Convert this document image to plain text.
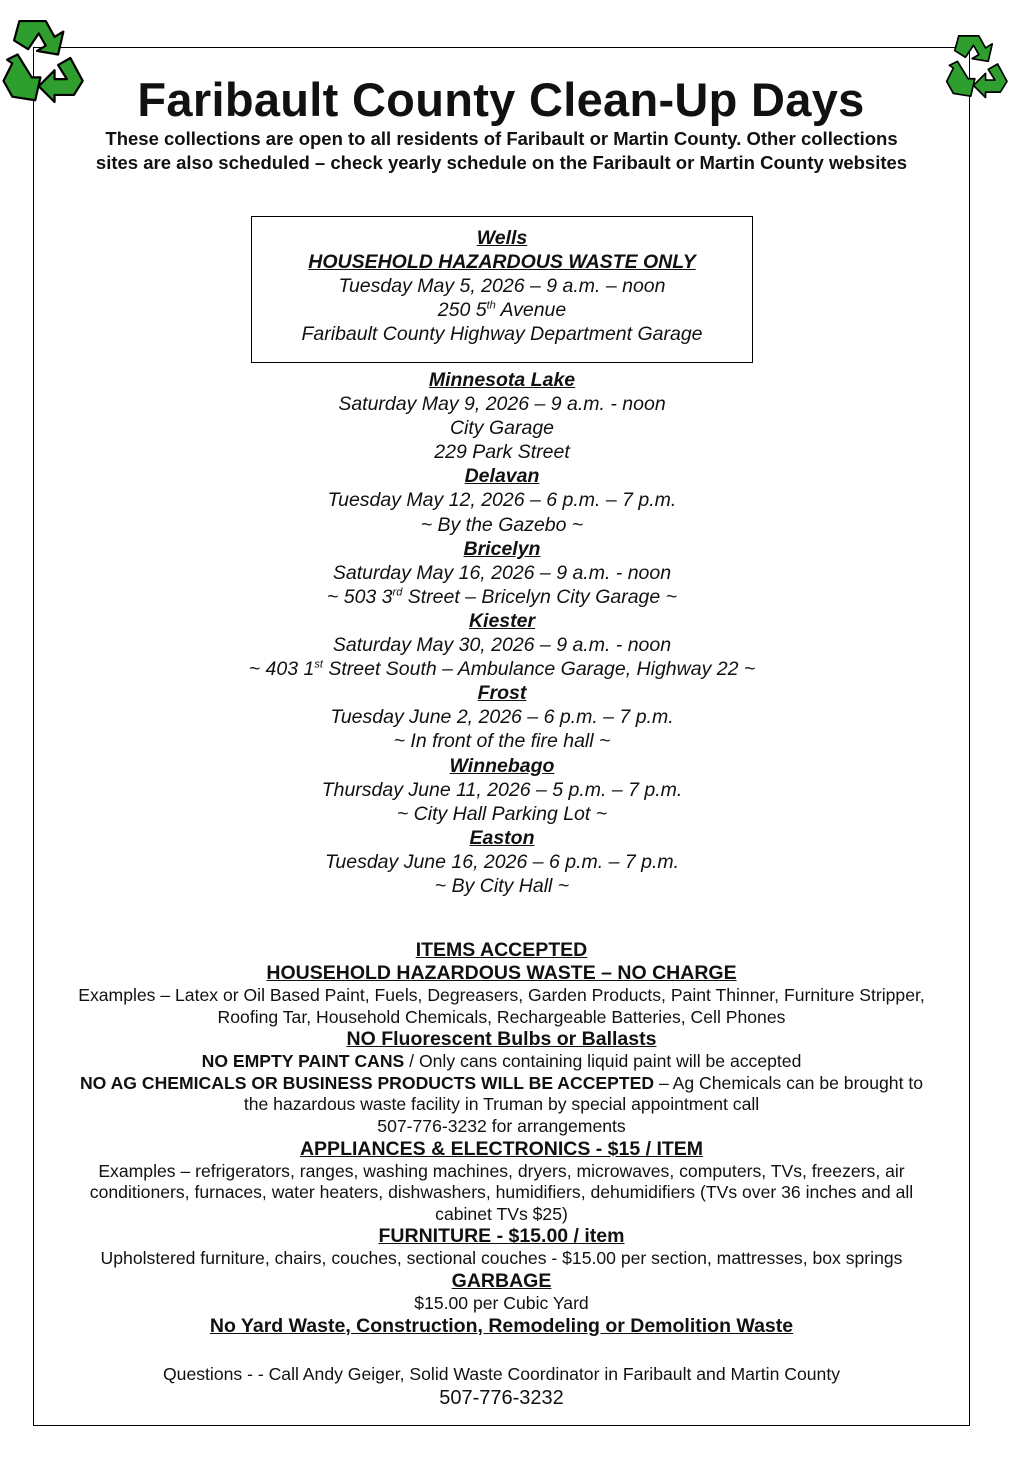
Faribault County Clean-Up Days
These collections are open to all residents of Faribault or Martin County. Other collections
sites are also scheduled – check yearly schedule on the Faribault or Martin County websites
Wells
HOUSEHOLD HAZARDOUS WASTE ONLY
Tuesday May 5, 2026 – 9 a.m. – noon
250 5th Avenue
Faribault County Highway Department Garage
Minnesota Lake
Saturday May 9, 2026 – 9 a.m. - noon
City Garage
229 Park Street
Delavan
Tuesday May 12, 2026 – 6 p.m. – 7 p.m.
~ By the Gazebo ~
Bricelyn
Saturday May 16, 2026 – 9 a.m. - noon
~ 503 3rd Street – Bricelyn City Garage ~
Kiester
Saturday May 30, 2026 – 9 a.m. - noon
~ 403 1st Street South – Ambulance Garage, Highway 22 ~
Frost
Tuesday June 2, 2026 – 6 p.m. – 7 p.m.
~ In front of the fire hall ~
Winnebago
Thursday June 11, 2026 – 5 p.m. – 7 p.m.
~ City Hall Parking Lot ~
Easton
Tuesday June 16, 2026 – 6 p.m. – 7 p.m.
~ By City Hall ~
ITEMS ACCEPTED
HOUSEHOLD HAZARDOUS WASTE – NO CHARGE
Examples – Latex or Oil Based Paint, Fuels, Degreasers, Garden Products, Paint Thinner, Furniture Stripper,
Roofing Tar, Household Chemicals, Rechargeable Batteries, Cell Phones
NO Fluorescent Bulbs or Ballasts
NO EMPTY PAINT CANS / Only cans containing liquid paint will be accepted
NO AG CHEMICALS OR BUSINESS PRODUCTS WILL BE ACCEPTED – Ag Chemicals can be brought to
the hazardous waste facility in Truman by special appointment call
507-776-3232 for arrangements
APPLIANCES & ELECTRONICS - $15 / ITEM
Examples – refrigerators, ranges, washing machines, dryers, microwaves, computers, TVs, freezers, air
conditioners, furnaces, water heaters, dishwashers, humidifiers, dehumidifiers (TVs over 36 inches and all
cabinet TVs $25)
FURNITURE - $15.00 / item
Upholstered furniture, chairs, couches, sectional couches - $15.00 per section, mattresses, box springs
GARBAGE
$15.00 per Cubic Yard
No Yard Waste, Construction, Remodeling or Demolition Waste
Questions - - Call Andy Geiger, Solid Waste Coordinator in Faribault and Martin County
507-776-3232
